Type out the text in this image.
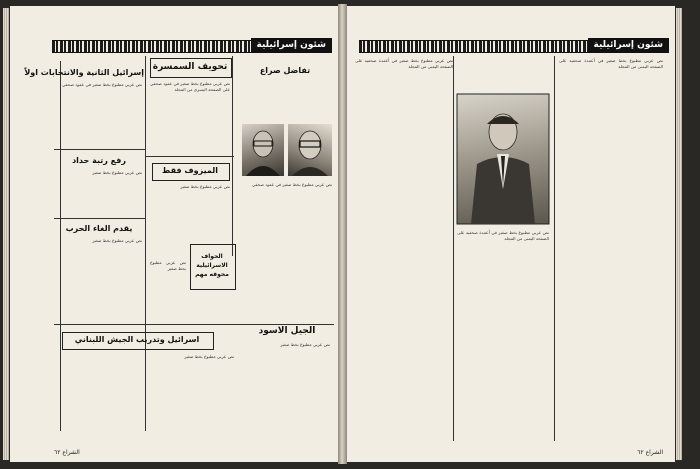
شئون إسرائيلية
إسرائيل الثانية والانتخابات اولاً
نص عربي مطبوع بخط صغير في عمود صحفي
تحويف السمسرة
نص عربي مطبوع بخط صغير في عمود صحفي على الصفحة اليسرى من المجلة
تفاضل صراع
نص عربي مطبوع بخط صغير في عمود صحفي
رفع رتبة حداد
نص عربي مطبوع بخط صغير	الميزوف فقط
نص عربي مطبوع بخط صغير
يقدم الغاء الحرب
نص عربي مطبوع بخط صغير
الحواف الاسرائيلية محوفه مهم
نص عربي مطبوع بخط صغير
الجيل الاسود
نص عربي مطبوع بخط صغير
اسرائيل وتدريب الجيش اللبناني
نص عربي مطبوع بخط صغير
الشراع ٦٢
شئون إسرائيلية
نص عربي مطبوع بخط صغير في أعمدة صحفية على الصفحة اليمنى من المجلة
نص عربي مطبوع بخط صغير في أعمدة صحفية على الصفحة اليمنى من المجلة
نص عربي مطبوع بخط صغير في أعمدة صحفية على الصفحة اليمنى من المجلة
الشراع ٦٢
